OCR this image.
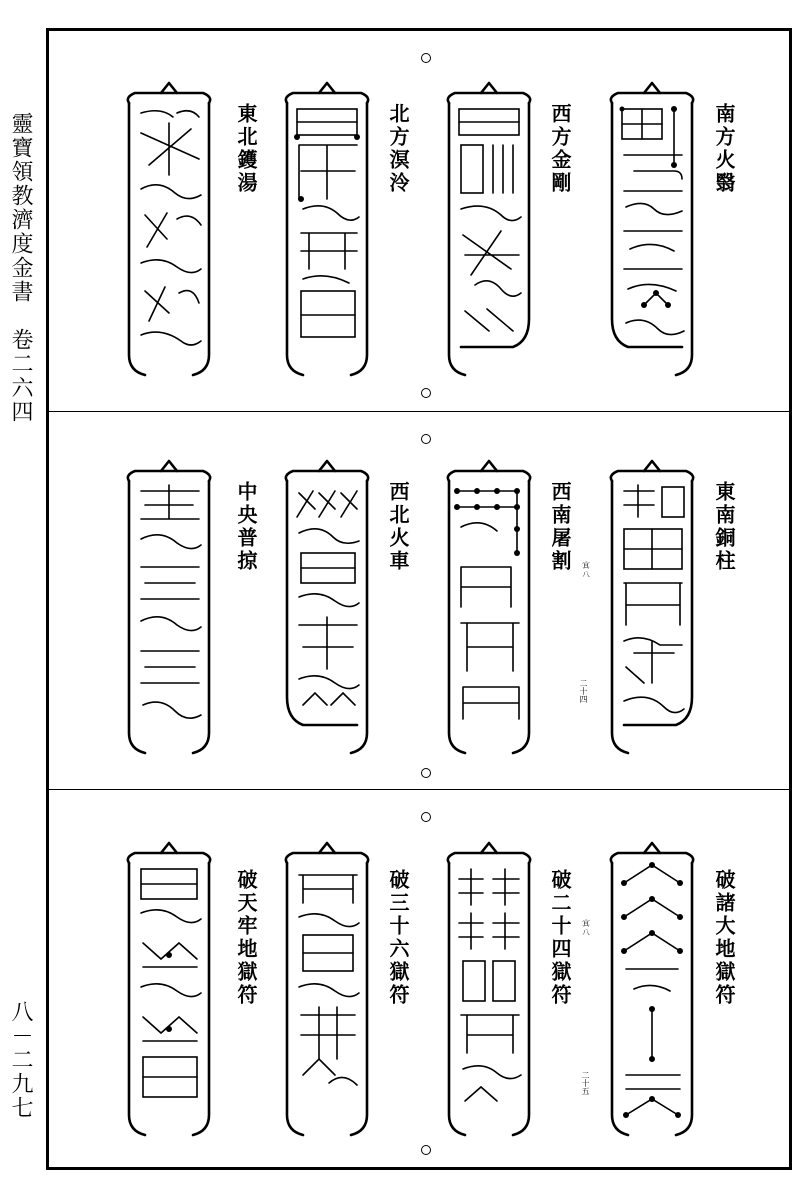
靈寶領教濟度金書　卷二六四
八－二九七
南方火翳
西方金剛
北方溟泠
東北鑊湯
東南銅柱
二十四
西南屠割 𡨋八
西北火車
中央普掠
破諸大地獄符
破二十四獄符
二十五
𡨋八
破三十六獄符
破天牢地獄符
